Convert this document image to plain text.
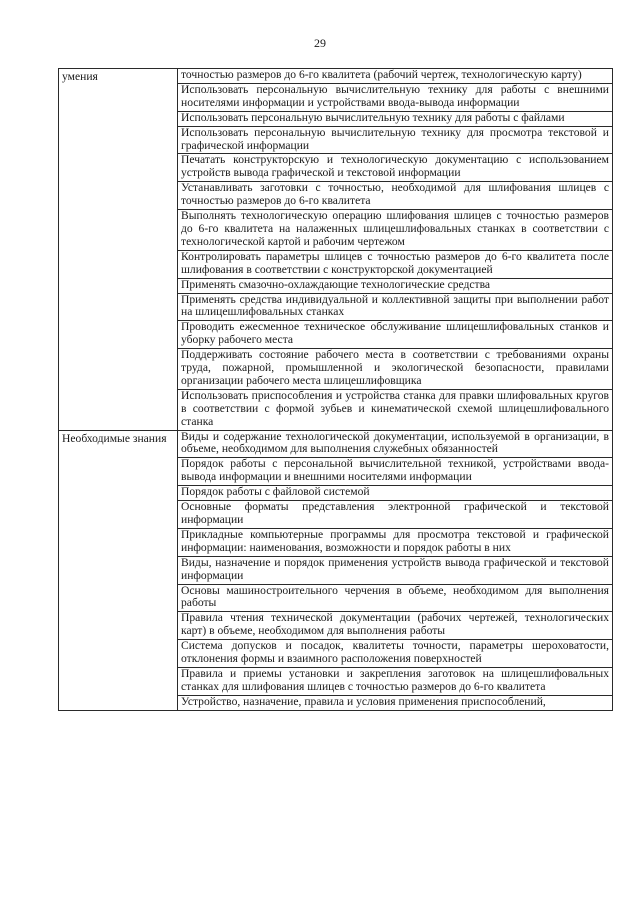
29
умения	точностью размеров до 6-го квалитета (рабочий чертеж, технологическую карту)
	Использовать персональную вычислительную технику для работы с внешними носителями информации и устройствами ввода-вывода информации
	Использовать персональную вычислительную технику для работы с файлами
	Использовать персональную вычислительную технику для просмотра текстовой и графической информации
	Печатать конструкторскую и технологическую документацию с использованием устройств вывода графической и текстовой информации
	Устанавливать заготовки с точностью, необходимой для шлифования шлицев с точностью размеров до 6-го квалитета
	Выполнять технологическую операцию шлифования шлицев с точностью размеров до 6-го квалитета на налаженных шлицешлифовальных станках в соответствии с технологической картой и рабочим чертежом
	Контролировать параметры шлицев с точностью размеров до 6-го квалитета после шлифования в соответствии с конструкторской документацией
	Применять смазочно-охлаждающие технологические средства
	Применять средства индивидуальной и коллективной защиты при выполнении работ на шлицешлифовальных станках
	Проводить ежесменное техническое обслуживание шлицешлифовальных станков и уборку рабочего места
	Поддерживать состояние рабочего места в соответствии с требованиями охраны труда, пожарной, промышленной и экологической безопасности, правилами организации рабочего места шлицешлифовщика
	Использовать приспособления и устройства станка для правки шлифовальных кругов в соответствии с формой зубьев и кинематической схемой шлицешлифовального станка

Необходимые знания	Виды и содержание технологической документации, используемой в организации, в объеме, необходимом для выполнения служебных обязанностей
	Порядок работы с персональной вычислительной техникой, устройствами ввода-вывода информации и внешними носителями информации
	Порядок работы с файловой системой
	Основные форматы представления электронной графической и текстовой информации
	Прикладные компьютерные программы для просмотра текстовой и графической информации: наименования, возможности и порядок работы в них
	Виды, назначение и порядок применения устройств вывода графической и текстовой информации
	Основы машиностроительного черчения в объеме, необходимом для выполнения работы
	Правила чтения технической документации (рабочих чертежей, технологических карт) в объеме, необходимом для выполнения работы
	Система допусков и посадок, квалитеты точности, параметры шероховатости, отклонения формы и взаимного расположения поверхностей
	Правила и приемы установки и закрепления заготовок на шлицешлифовальных станках для шлифования шлицев с точностью размеров до 6-го квалитета
	Устройство, назначение, правила и условия применения приспособлений,
